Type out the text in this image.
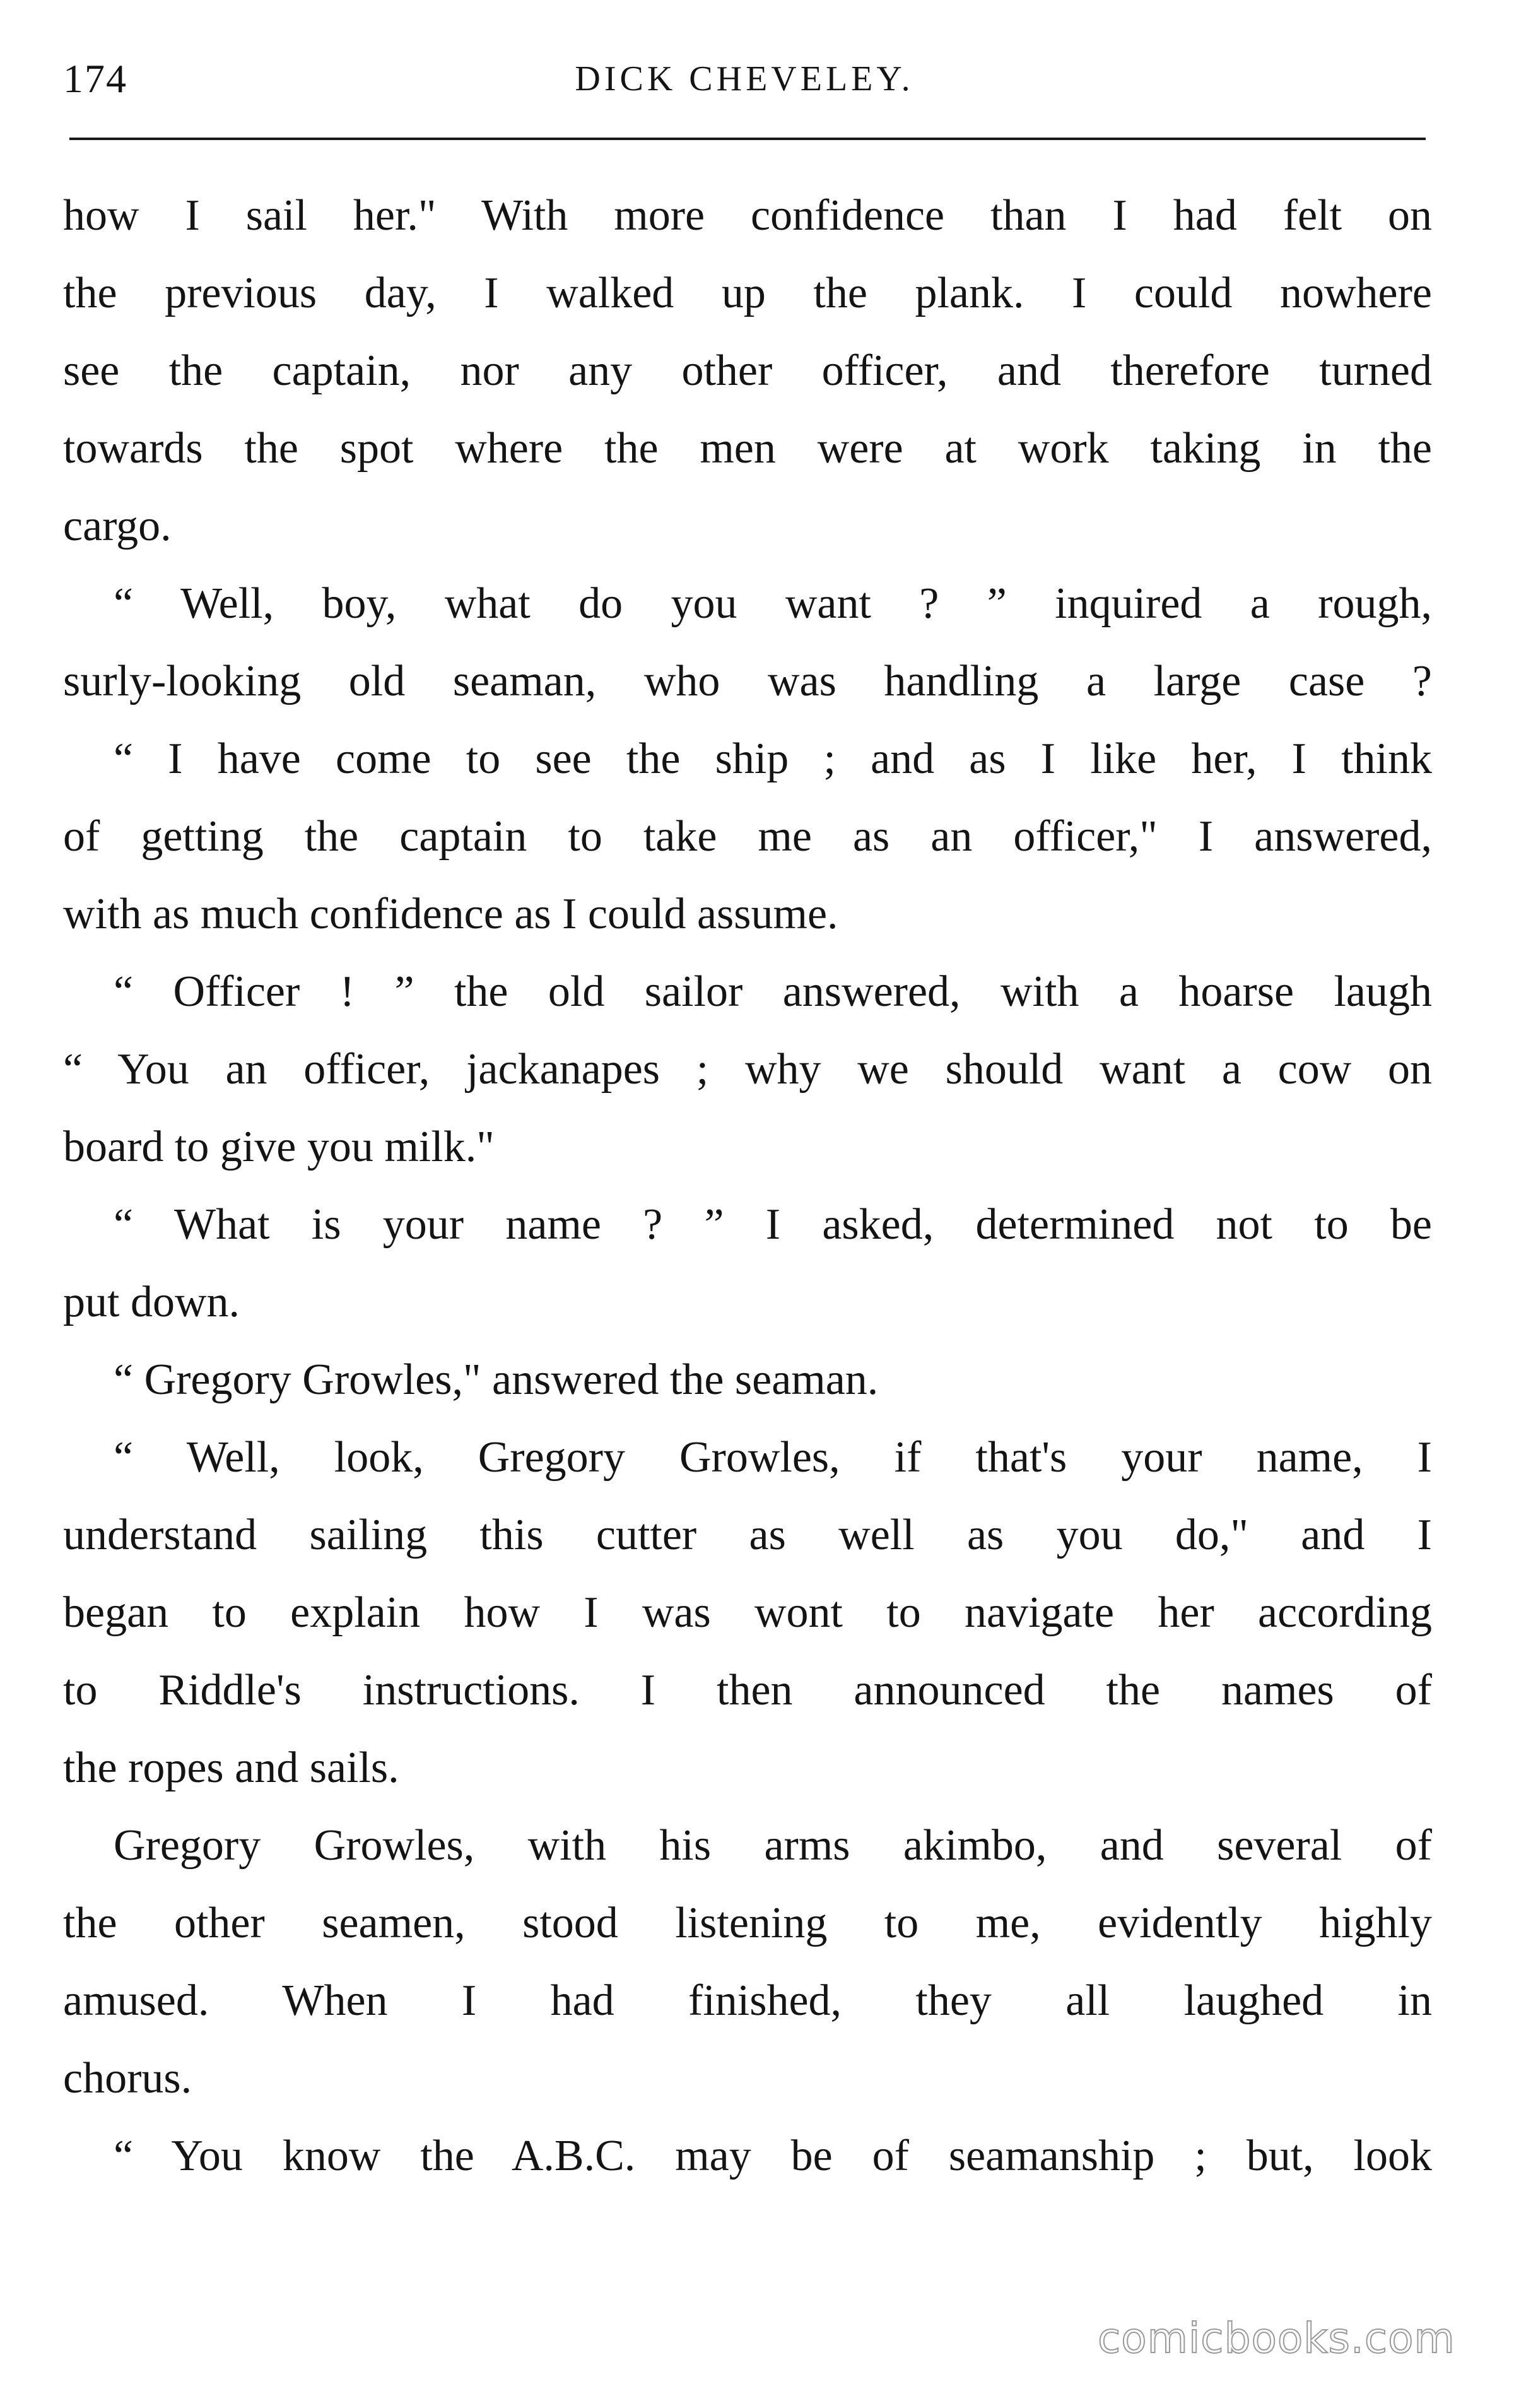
174	DICK CHEVELEY.
how I sail her." With more confidence than I had felt on
the previous day, I walked up the plank. I could nowhere
see the captain, nor any other officer, and therefore turned
towards the spot where the men were at work taking in the
cargo.
“ Well, boy, what do you want ? ” inquired a rough,
surly-looking old seaman, who was handling a large case ?
“ I have come to see the ship ; and as I like her, I think
of getting the captain to take me as an officer," I answered,
with as much confidence as I could assume.
“ Officer ! ” the old sailor answered, with a hoarse laugh
“ You an officer, jackanapes ; why we should want a cow on
board to give you milk."
“ What is your name ? ” I asked, determined not to be
put down.
“ Gregory Growles," answered the seaman.
“ Well, look, Gregory Growles, if that's your name, I
understand sailing this cutter as well as you do," and I
began to explain how I was wont to navigate her according
to Riddle's instructions. I then announced the names of
the ropes and sails.
Gregory Growles, with his arms akimbo, and several of
the other seamen, stood listening to me, evidently highly
amused. When I had finished, they all laughed in
chorus.
“ You know the A.B.C. may be of seamanship ; but, look
comicbooks.com
